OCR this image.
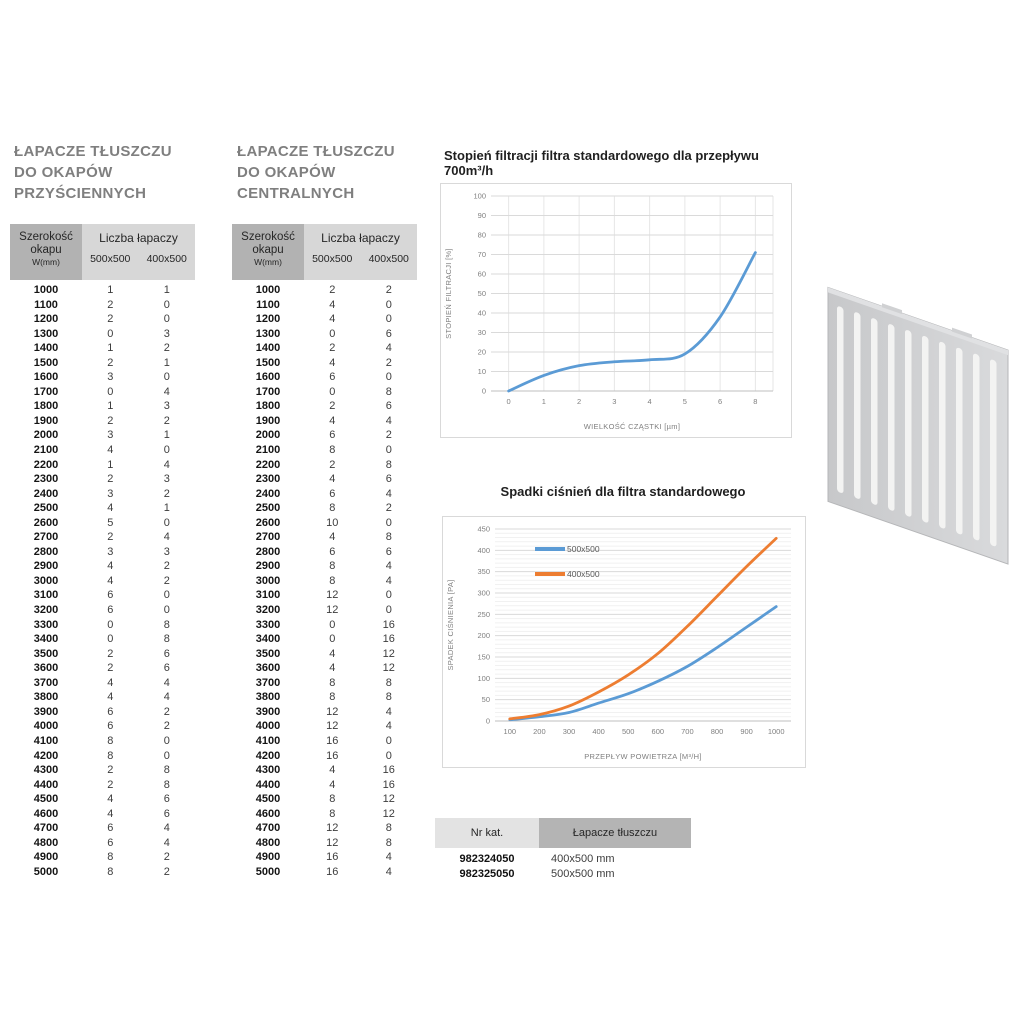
ŁAPACZE TŁUSZCZU
DO OKAPÓW
PRZYŚCIENNYCH
Szerokość
okapu
W(mm)
Liczba łapaczy
500x500	400x500
1000	1	1
1100	2	0
1200	2	0
1300	0	3
1400	1	2
1500	2	1
1600	3	0
1700	0	4
1800	1	3
1900	2	2
2000	3	1
2100	4	0
2200	1	4
2300	2	3
2400	3	2
2500	4	1
2600	5	0
2700	2	4
2800	3	3
2900	4	2
3000	4	2
3100	6	0
3200	6	0
3300	0	8
3400	0	8
3500	2	6
3600	2	6
3700	4	4
3800	4	4
3900	6	2
4000	6	2
4100	8	0
4200	8	0
4300	2	8
4400	2	8
4500	4	6
4600	4	6
4700	6	4
4800	6	4
4900	8	2
5000	8	2
ŁAPACZE TŁUSZCZU
DO OKAPÓW
CENTRALNYCH
Szerokość
okapu
W(mm)
Liczba łapaczy
500x500	400x500
1000	2	2
1100	4	0
1200	4	0
1300	0	6
1400	2	4
1500	4	2
1600	6	0
1700	0	8
1800	2	6
1900	4	4
2000	6	2
2100	8	0
2200	2	8
2300	4	6
2400	6	4
2500	8	2
2600	10	0
2700	4	8
2800	6	6
2900	8	4
3000	8	4
3100	12	0
3200	12	0
3300	0	16
3400	0	16
3500	4	12
3600	4	12
3700	8	8
3800	8	8
3900	12	4
4000	12	4
4100	16	0
4200	16	0
4300	4	16
4400	4	16
4500	8	12
4600	8	12
4700	12	8
4800	12	8
4900	16	4
5000	16	4
Stopień filtracji filtra standardowego dla przepływu 700m³/h
0
10
20
30
40
50
60
70
80
90
100
0	1	2	3	4	5	6	8
WIELKOŚĆ CZĄSTKI [µm]
STOPIEŃ FILTRACJI [%]
Spadki ciśnień dla filtra standardowego
0
50
100
150
200
250
300
350
400
450
100 200 300 400 500 600 700 800 900 1000
PRZEPŁYW POWIETRZA [M³/H]
SPADEK CIŚNIENIA [PA]
500x500
400x500
Nr kat.	Łapacze tłuszczu
982324050	400x500 mm
982325050	500x500 mm
